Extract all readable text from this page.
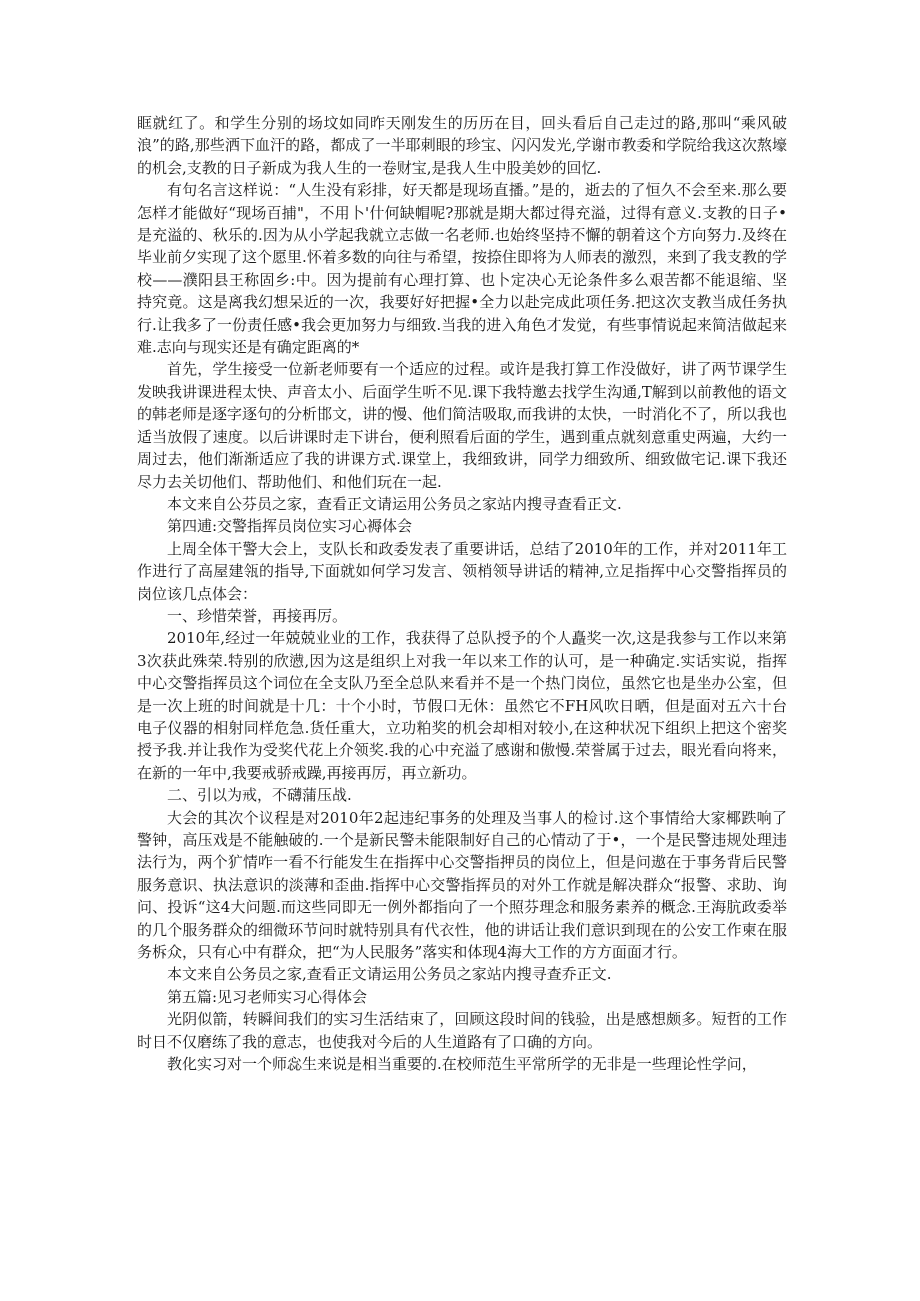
眶就红了。和学生分别的场坟如同昨天刚发生的历历在目，回头看后自己走过的路,那叫“乘风破浪”的路,那些洒下血汗的路，都成了一半耶刺眼的珍宝、闪闪发光,学谢市教委和学院给我这次熬壕的机会,支教的日子新成为我人生的一卷财宝,是我人生中股美妙的回忆.

有句名言这样说：“人生没有彩排，好天都是现场直播。”是的，逝去的了恒久不会至来.那么要怎样才能做好“现场百捕"，不用卜'什何缺帽呢?那就是期大都过得充溢，过得有意义.支教的日子•是充溢的、秋乐的.因为从小学起我就立志做一名老师.也始终坚持不懈的朝着这个方向努力.及终在毕业前夕实现了这个愿里.怀着多数的向往与希望，按捺住即将为人师表的激烈，来到了我支教的学校——濮阳县王称固乡:中。因为提前有心理打算、也卜定决心无论条件多么艰苦都不能退缩、坚持究竟。这是离我幻想呆近的一次，我要好好把握•全力以赴完成此项任务.把这次支教当成任务执行.让我多了一份责任感•我会更加努力与细致.当我的进入角色才发觉，有些事情说起来简洁做起来难.志向与现实还是有确定距离的*

首先，学生接受一位新老师要有一个适应的过程。或许是我打算工作没做好，讲了两节课学生发映我讲课进程太快、声音太小、后面学生听不见.课下我特邀去找学生沟通,T解到以前教他的语文的韩老师是逐字逐句的分析邯文，讲的慢、他们简洁吸取,而我讲的太快，一时消化不了，所以我也适当放假了速度。以后讲课时走下讲台，便利照看后面的学生，遇到重点就刻意重史两遍，大约一周过去，他们渐渐适应了我的讲课方式.课堂上，我细致讲，同学力细致所、细致做宅记.课下我还尽力去关切他们、帮助他们、和他们玩在一起.

本文来自公芬员之家，查看正文请运用公务员之家站内搜寻查看正文.

第四逋:交警指挥员岗位实习心褥体会

上周全体干警大会上，支队长和政委发表了重要讲话，总结了2010年的工作，并对2011年工作进行了高屋建瓴的指导,下面就如何学习发言、领梢领导讲话的精神,立足指挥中心交警指挥员的岗位该几点体会：

一、珍惜荣誉，再接再厉。

2010年,经过一年兢兢业业的工作，我获得了总队授予的个人矗奖一次,这是我参与工作以来第3次获此殊荣.特别的欣懑,因为这是组织上对我一年以来工作的认可，是一种确定.实话实说，指挥中心交警指挥员这个词位在全支队乃至全总队来看并不是一个热门岗位，虽然它也是坐办公室，但是一次上班的时间就是十几：十个小时，节假口无休：虽然它不FH风吹日晒，但是面对五六十台电子仪器的相射同样危急.货任重大，立功粕奖的机会却相对较小,在这种状况下组织上把这个密奖授予我.并让我作为受奖代花上介领奖.我的心中充溢了感谢和傲慢.荣誉属于过去，眼光看向将来，在新的一年中,我要戒骄戒躁,再接再厉，再立新功。

二、引以为戒，不礴蒲压战.

大会的其次个议程是对2010年2起违纪事务的处理及当事人的检讨.这个事情给大家椰跌响了警钟，高压戏是不能触破的.一个是新民警未能限制好自己的心情动了于•，一个是民警违规处理违法行为，两个犷情咋一看不行能发生在指挥中心交警指押员的岗位上，但是问遨在于事务背后民警服务意识、执法意识的淡薄和歪曲.指挥中心交警指挥员的对外工作就是解决群众“报警、求助、询问、投诉“这4大问题.而这些同即无一例外都指向了一个照芬理念和服务素养的概念.王海肮政委举的几个服务群众的细微环节问时就特别具有代衣性，他的讲话让我们意识到现在的公安工作柬在服务柝众，只有心中有群众，把“为人民服务”落实和体现4海大工作的方方面面才行。

本文来自公务员之家,查看正文请运用公务员之家站内搜寻查乔正文.

第五篇:见习老师实习心得体会

光阴似箭，转瞬间我们的实习生活结束了，回顾这段时间的钱验，出是感想颇多。短哲的工作时日不仅磨练了我的意志，也使我对今后的人生道路有了口确的方向。

教化实习对一个师惢生来说是相当重要的.在校师范生平常所学的无非是一些理论性学问，
